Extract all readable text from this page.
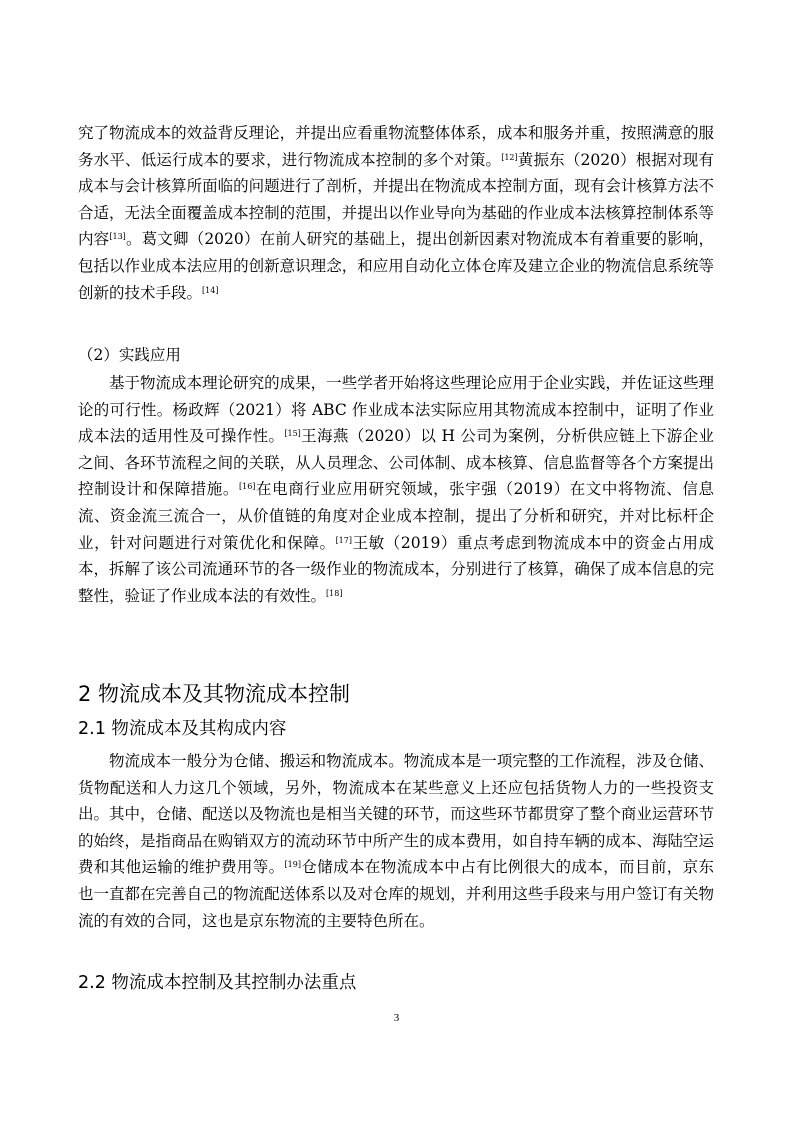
究了物流成本的效益背反理论，并提出应看重物流整体体系，成本和服务并重，按照满意的服务水平、低运行成本的要求，进行物流成本控制的多个对策。[12]黄振东（2020）根据对现有成本与会计核算所面临的问题进行了剖析，并提出在物流成本控制方面，现有会计核算方法不合适，无法全面覆盖成本控制的范围，并提出以作业导向为基础的作业成本法核算控制体系等内容[13]。葛文卿（2020）在前人研究的基础上，提出创新因素对物流成本有着重要的影响，包括以作业成本法应用的创新意识理念，和应用自动化立体仓库及建立企业的物流信息系统等创新的技术手段。[14]

（2）实践应用

基于物流成本理论研究的成果，一些学者开始将这些理论应用于企业实践，并佐证这些理论的可行性。杨政辉（2021）将 ABC 作业成本法实际应用其物流成本控制中，证明了作业成本法的适用性及可操作性。[15]王海燕（2020）以 H 公司为案例，分析供应链上下游企业之间、各环节流程之间的关联，从人员理念、公司体制、成本核算、信息监督等各个方案提出控制设计和保障措施。[16]在电商行业应用研究领域，张宇强（2019）在文中将物流、信息流、资金流三流合一，从价值链的角度对企业成本控制，提出了分析和研究，并对比标杆企业，针对问题进行对策优化和保障。[17]王敏（2019）重点考虑到物流成本中的资金占用成本，拆解了该公司流通环节的各一级作业的物流成本，分别进行了核算，确保了成本信息的完整性，验证了作业成本法的有效性。[18]

2 物流成本及其物流成本控制
2.1 物流成本及其构成内容

物流成本一般分为仓储、搬运和物流成本。物流成本是一项完整的工作流程，涉及仓储、货物配送和人力这几个领域，另外，物流成本在某些意义上还应包括货物人力的一些投资支出。其中，仓储、配送以及物流也是相当关键的环节，而这些环节都贯穿了整个商业运营环节的始终，是指商品在购销双方的流动环节中所产生的成本费用，如自持车辆的成本、海陆空运费和其他运输的维护费用等。[19]仓储成本在物流成本中占有比例很大的成本，而目前，京东也一直都在完善自己的物流配送体系以及对仓库的规划，并利用这些手段来与用户签订有关物流的有效的合同，这也是京东物流的主要特色所在。

2.2 物流成本控制及其控制办法重点
3
